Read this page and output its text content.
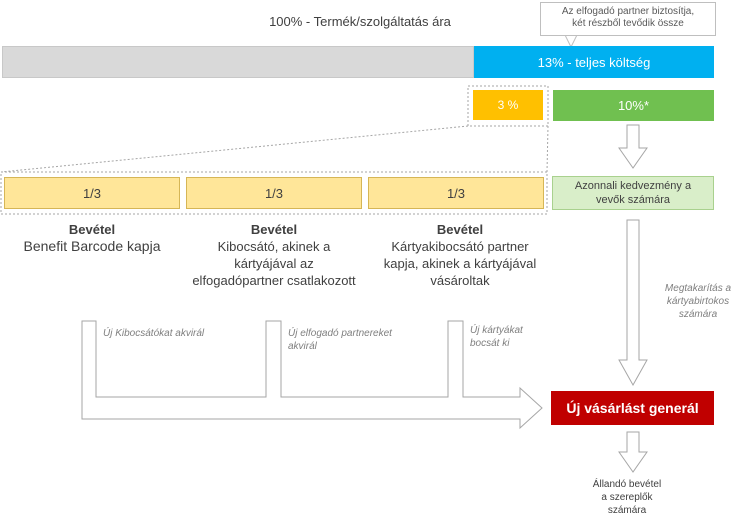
100% - Termék/szolgáltatás ára
Az elfogadó partner biztosítja,
két részből tevődik össze
13% - teljes költség
3 %	10%*
1/3	1/3	1/3	Azonnali kedvezmény a
vevők számára
Bevétel
Benefit Barcode kapja
Bevétel
Kibocsátó, akinek a
kártyájával az
elfogadópartner csatlakozott
Bevétel
Kártyakibocsátó partner
kapja, akinek a kártyájával
vásároltak
Új Kibocsátókat akvirál	Új elfogadó partnereket
akvirál
Új kártyákat
bocsát ki
Megtakarítás a
kártyabirtokos
számára
Új vásárlást generál
Állandó bevétel
a szereplők
számára
